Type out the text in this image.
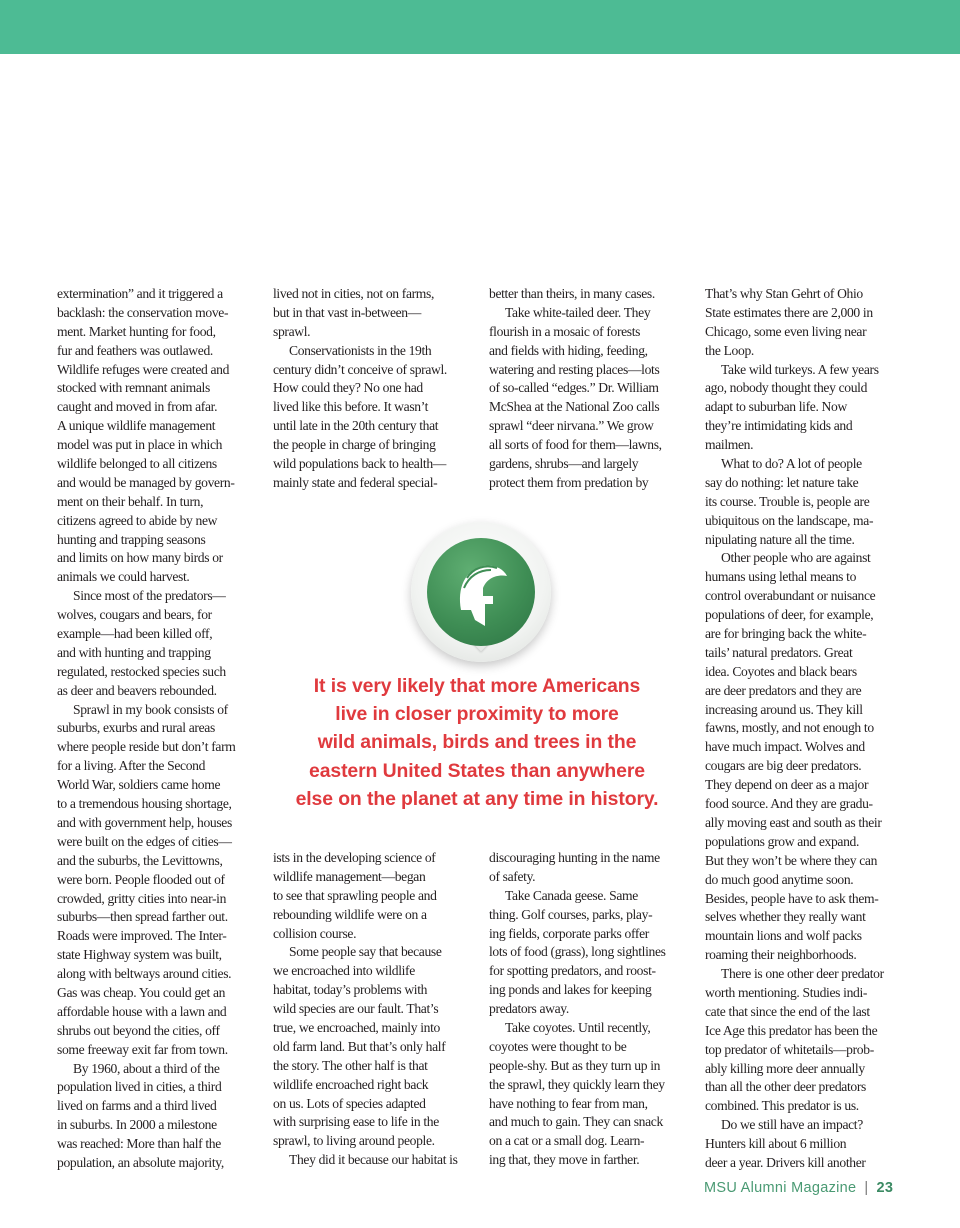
extermination” and it triggered a
backlash: the conservation move-
ment. Market hunting for food,
fur and feathers was outlawed.
Wildlife refuges were created and
stocked with remnant animals
caught and moved in from afar.
A unique wildlife management
model was put in place in which
wildlife belonged to all citizens
and would be managed by govern-
ment on their behalf. In turn,
citizens agreed to abide by new
hunting and trapping seasons
and limits on how many birds or
animals we could harvest.
Since most of the predators—
wolves, cougars and bears, for
example—had been killed off,
and with hunting and trapping
regulated, restocked species such
as deer and beavers rebounded.
Sprawl in my book consists of
suburbs, exurbs and rural areas
where people reside but don’t farm
for a living. After the Second
World War, soldiers came home
to a tremendous housing shortage,
and with government help, houses
were built on the edges of cities—
and the suburbs, the Levittowns,
were born. People flooded out of
crowded, gritty cities into near-in
suburbs—then spread farther out.
Roads were improved. The Inter-
state Highway system was built,
along with beltways around cities.
Gas was cheap. You could get an
affordable house with a lawn and
shrubs out beyond the cities, off
some freeway exit far from town.
By 1960, about a third of the
population lived in cities, a third
lived on farms and a third lived
in suburbs. In 2000 a milestone
was reached: More than half the
population, an absolute majority,
lived not in cities, not on farms,
but in that vast in-between—
sprawl.
Conservationists in the 19th
century didn’t conceive of sprawl.
How could they? No one had
lived like this before. It wasn’t
until late in the 20th century that
the people in charge of bringing
wild populations back to health—
mainly state and federal special-
ists in the developing science of
wildlife management—began
to see that sprawling people and
rebounding wildlife were on a
collision course.
Some people say that because
we encroached into wildlife
habitat, today’s problems with
wild species are our fault. That’s
true, we encroached, mainly into
old farm land. But that’s only half
the story. The other half is that
wildlife encroached right back
on us. Lots of species adapted
with surprising ease to life in the
sprawl, to living around people.
They did it because our habitat is
better than theirs, in many cases.
Take white-tailed deer. They
flourish in a mosaic of forests
and fields with hiding, feeding,
watering and resting places—lots
of so-called “edges.” Dr. William
McShea at the National Zoo calls
sprawl “deer nirvana.” We grow
all sorts of food for them—lawns,
gardens, shrubs—and largely
protect them from predation by
discouraging hunting in the name
of safety.
Take Canada geese. Same
thing. Golf courses, parks, play-
ing fields, corporate parks offer
lots of food (grass), long sightlines
for spotting predators, and roost-
ing ponds and lakes for keeping
predators away.
Take coyotes. Until recently,
coyotes were thought to be
people-shy. But as they turn up in
the sprawl, they quickly learn they
have nothing to fear from man,
and much to gain. They can snack
on a cat or a small dog. Learn-
ing that, they move in farther.
That’s why Stan Gehrt of Ohio
State estimates there are 2,000 in
Chicago, some even living near
the Loop.
Take wild turkeys. A few years
ago, nobody thought they could
adapt to suburban life. Now
they’re intimidating kids and
mailmen.
What to do? A lot of people
say do nothing: let nature take
its course. Trouble is, people are
ubiquitous on the landscape, ma-
nipulating nature all the time.
Other people who are against
humans using lethal means to
control overabundant or nuisance
populations of deer, for example,
are for bringing back the white-
tails’ natural predators. Great
idea. Coyotes and black bears
are deer predators and they are
increasing around us. They kill
fawns, mostly, and not enough to
have much impact. Wolves and
cougars are big deer predators.
They depend on deer as a major
food source. And they are gradu-
ally moving east and south as their
populations grow and expand.
But they won’t be where they can
do much good anytime soon.
Besides, people have to ask them-
selves whether they really want
mountain lions and wolf packs
roaming their neighborhoods.
There is one other deer predator
worth mentioning. Studies indi-
cate that since the end of the last
Ice Age this predator has been the
top predator of whitetails—prob-
ably killing more deer annually
than all the other deer predators
combined. This predator is us.
Do we still have an impact?
Hunters kill about 6 million
deer a year. Drivers kill another
It is very likely that more Americans
live in closer proximity to more
wild animals, birds and trees in the
eastern United States than anywhere
else on the planet at any time in history.
MSU Alumni Magazine | 23
